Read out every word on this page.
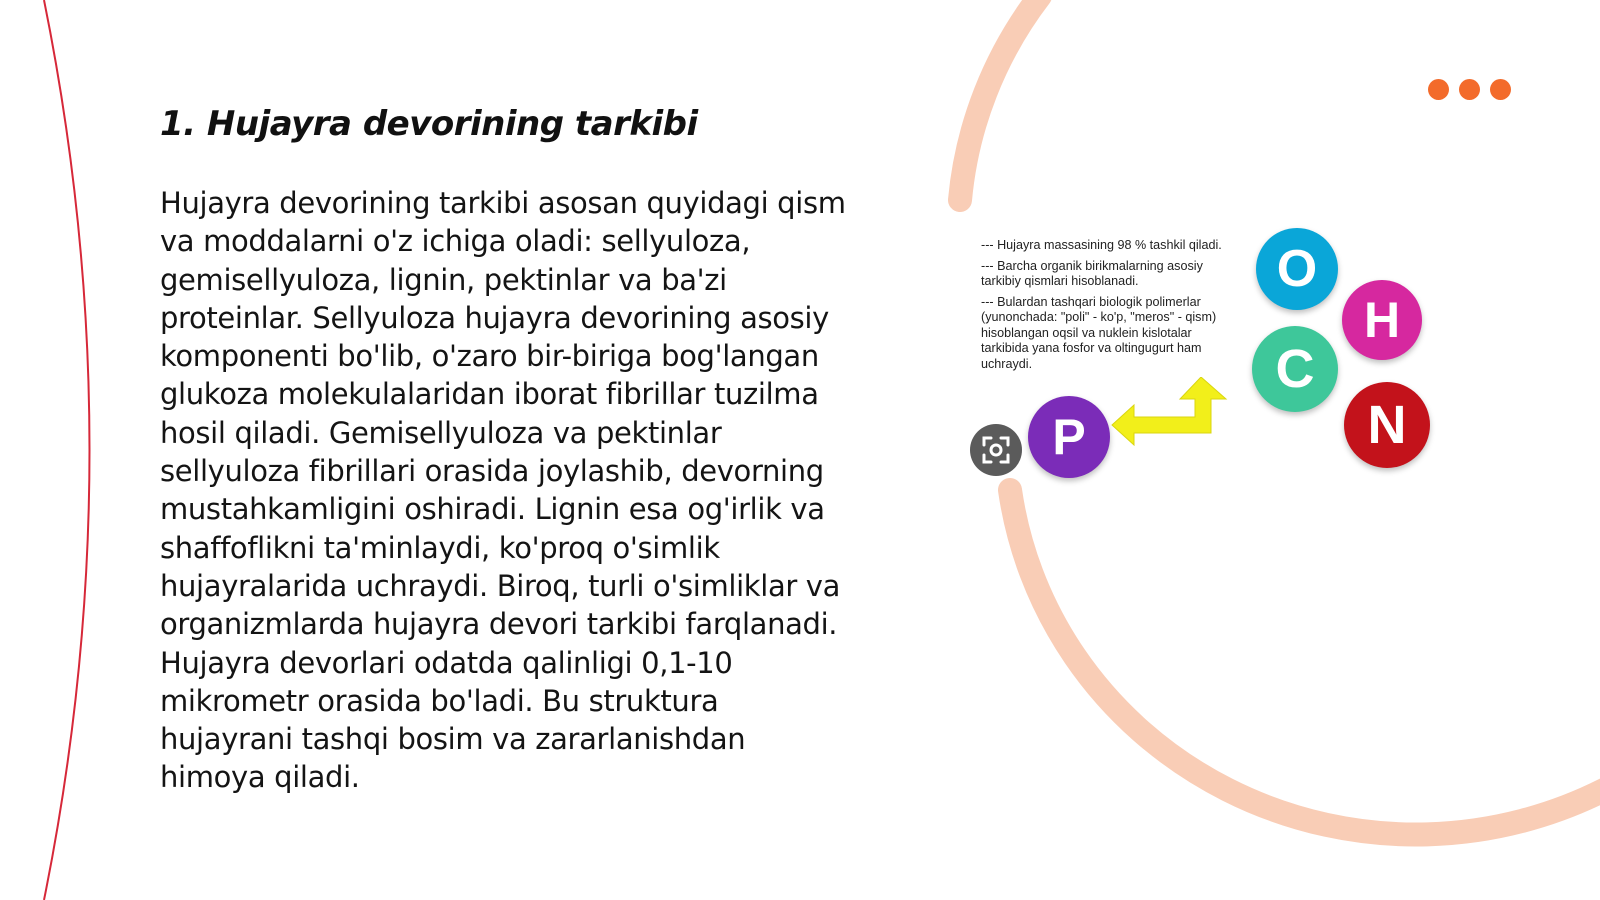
1. Hujayra devorining tarkibi

Hujayra devorining tarkibi asosan quyidagi qism va moddalarni o'z ichiga oladi: sellyuloza, gemisellyuloza, lignin, pektinlar va ba'zi proteinlar. Sellyuloza hujayra devorining asosiy komponenti bo'lib, o'zaro bir-biriga bog'langan glukoza molekulalaridan iborat fibrillar tuzilma hosil qiladi. Gemisellyuloza va pektinlar sellyuloza fibrillari orasida joylashib, devorning mustahkamligini oshiradi. Lignin esa og'irlik va shaffoflikni ta'minlaydi, ko'proq o'simlik hujayralarida uchraydi. Biroq, turli o'simliklar va organizmlarda hujayra devori tarkibi farqlanadi. Hujayra devorlari odatda qalinligi 0,1-10 mikrometr orasida bo'ladi. Bu struktura hujayrani tashqi bosim va zararlanishdan himoya qiladi.

--- Hujayra massasining 98 % tashkil qiladi.
--- Barcha organik birikmalarning asosiy tarkibiy qismlari hisoblanadi.
--- Bulardan tashqari biologik polimerlar (yunonchada: "poli" - ko'p, "meros" - qism) hisoblangan oqsil va nuklein kislotalar tarkibida yana fosfor va oltingugurt ham uchraydi.
O
H
C
N
P
